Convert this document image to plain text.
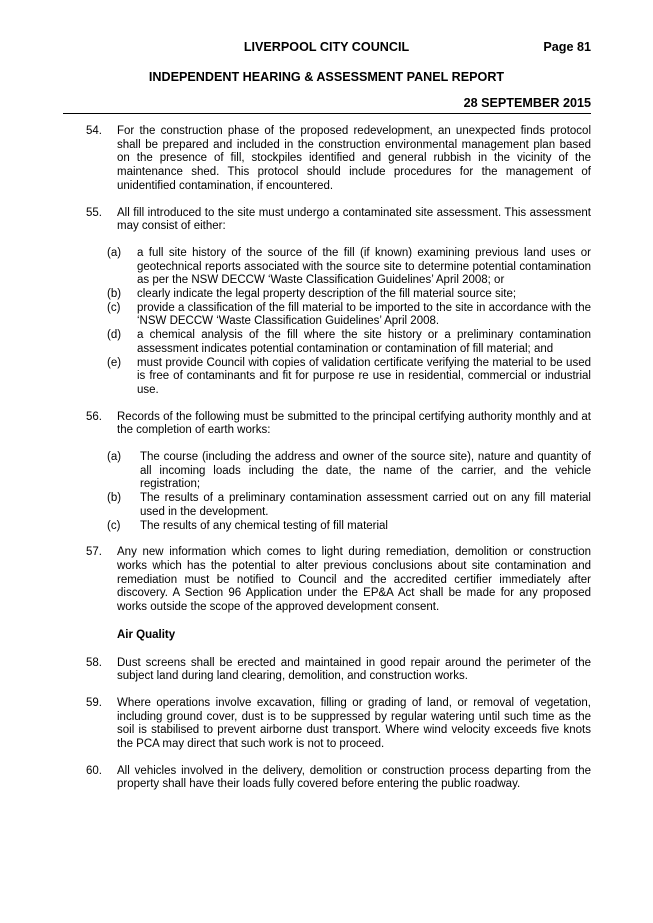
LIVERPOOL CITY COUNCIL	Page 81
INDEPENDENT HEARING & ASSESSMENT PANEL REPORT
28 SEPTEMBER 2015
54. For the construction phase of the proposed redevelopment, an unexpected finds protocol shall be prepared and included in the construction environmental management plan based on the presence of fill, stockpiles identified and general rubbish in the vicinity of the maintenance shed. This protocol should include procedures for the management of unidentified contamination, if encountered.

55. All fill introduced to the site must undergo a contaminated site assessment. This assessment may consist of either:

(a) a full site history of the source of the fill (if known) examining previous land uses or geotechnical reports associated with the source site to determine potential contamination as per the NSW DECCW ‘Waste Classification Guidelines’ April 2008; or

(b) clearly indicate the legal property description of the fill material source site;

(c) provide a classification of the fill material to be imported to the site in accordance with the ‘NSW DECCW ‘Waste Classification Guidelines’ April 2008.

(d) a chemical analysis of the fill where the site history or a preliminary contamination assessment indicates potential contamination or contamination of fill material; and

(e) must provide Council with copies of validation certificate verifying the material to be used is free of contaminants and fit for purpose re use in residential, commercial or industrial use.

56. Records of the following must be submitted to the principal certifying authority monthly and at the completion of earth works:

(a) The course (including the address and owner of the source site), nature and quantity of all incoming loads including the date, the name of the carrier, and the vehicle registration;

(b) The results of a preliminary contamination assessment carried out on any fill material used in the development.

(c) The results of any chemical testing of fill material

57. Any new information which comes to light during remediation, demolition or construction works which has the potential to alter previous conclusions about site contamination and remediation must be notified to Council and the accredited certifier immediately after discovery. A Section 96 Application under the EP&A Act shall be made for any proposed works outside the scope of the approved development consent.

Air Quality
58. Dust screens shall be erected and maintained in good repair around the perimeter of the subject land during land clearing, demolition, and construction works.

59. Where operations involve excavation, filling or grading of land, or removal of vegetation, including ground cover, dust is to be suppressed by regular watering until such time as the soil is stabilised to prevent airborne dust transport. Where wind velocity exceeds five knots the PCA may direct that such work is not to proceed.

60. All vehicles involved in the delivery, demolition or construction process departing from the property shall have their loads fully covered before entering the public roadway.
